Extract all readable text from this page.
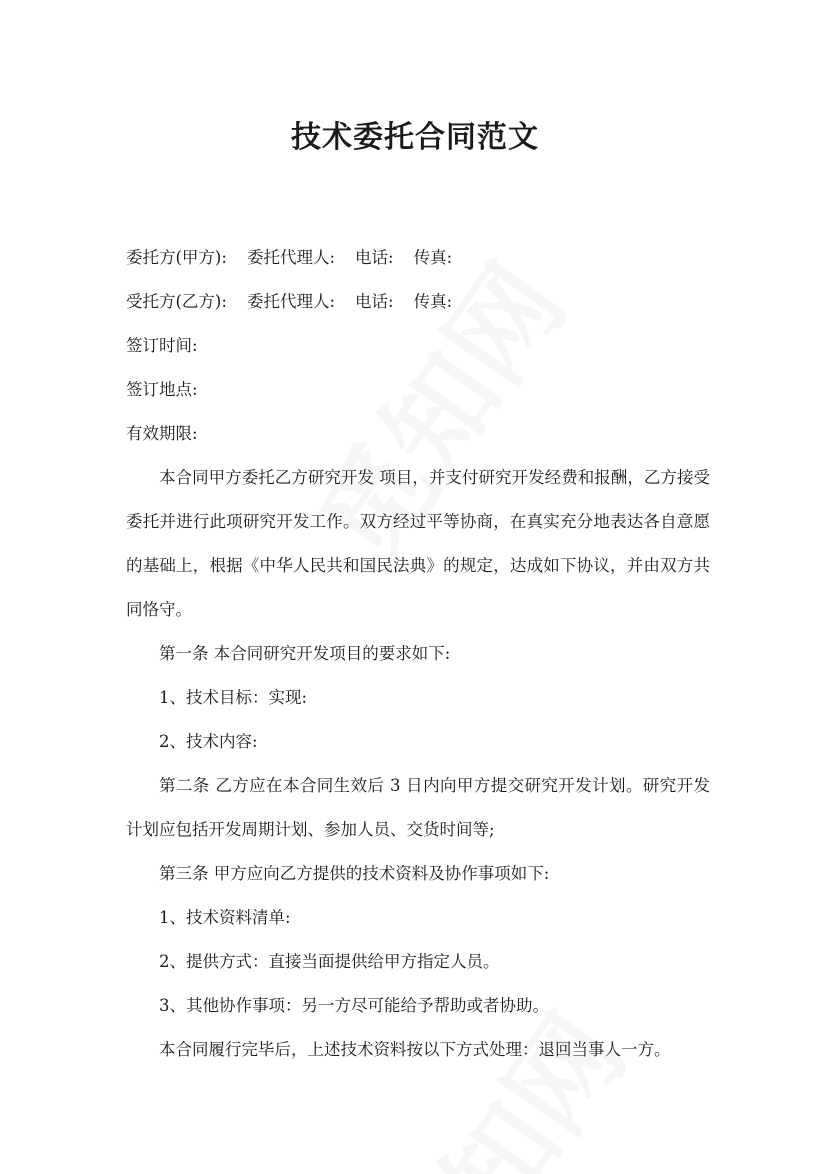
技术委托合同范文
委托方(甲方): 委托代理人: 电话: 传真:
受托方(乙方): 委托代理人: 电话: 传真:
签订时间:
签订地点:
有效期限:
本合同甲方委托乙方研究开发 项目，并支付研究开发经费和报酬，乙方接受委托并进行此项研究开发工作。双方经过平等协商，在真实充分地表达各自意愿的基础上，根据《中华人民共和国民法典》的规定，达成如下协议，并由双方共同恪守。
第一条 本合同研究开发项目的要求如下:
1、技术目标：实现:
2、技术内容:
第二条 乙方应在本合同生效后 3 日内向甲方提交研究开发计划。研究开发计划应包括开发周期计划、参加人员、交货时间等;
第三条 甲方应向乙方提供的技术资料及协作事项如下:
1、技术资料清单:
2、提供方式：直接当面提供给甲方指定人员。
3、其他协作事项：另一方尽可能给予帮助或者协助。
本合同履行完毕后，上述技术资料按以下方式处理：退回当事人一方。
